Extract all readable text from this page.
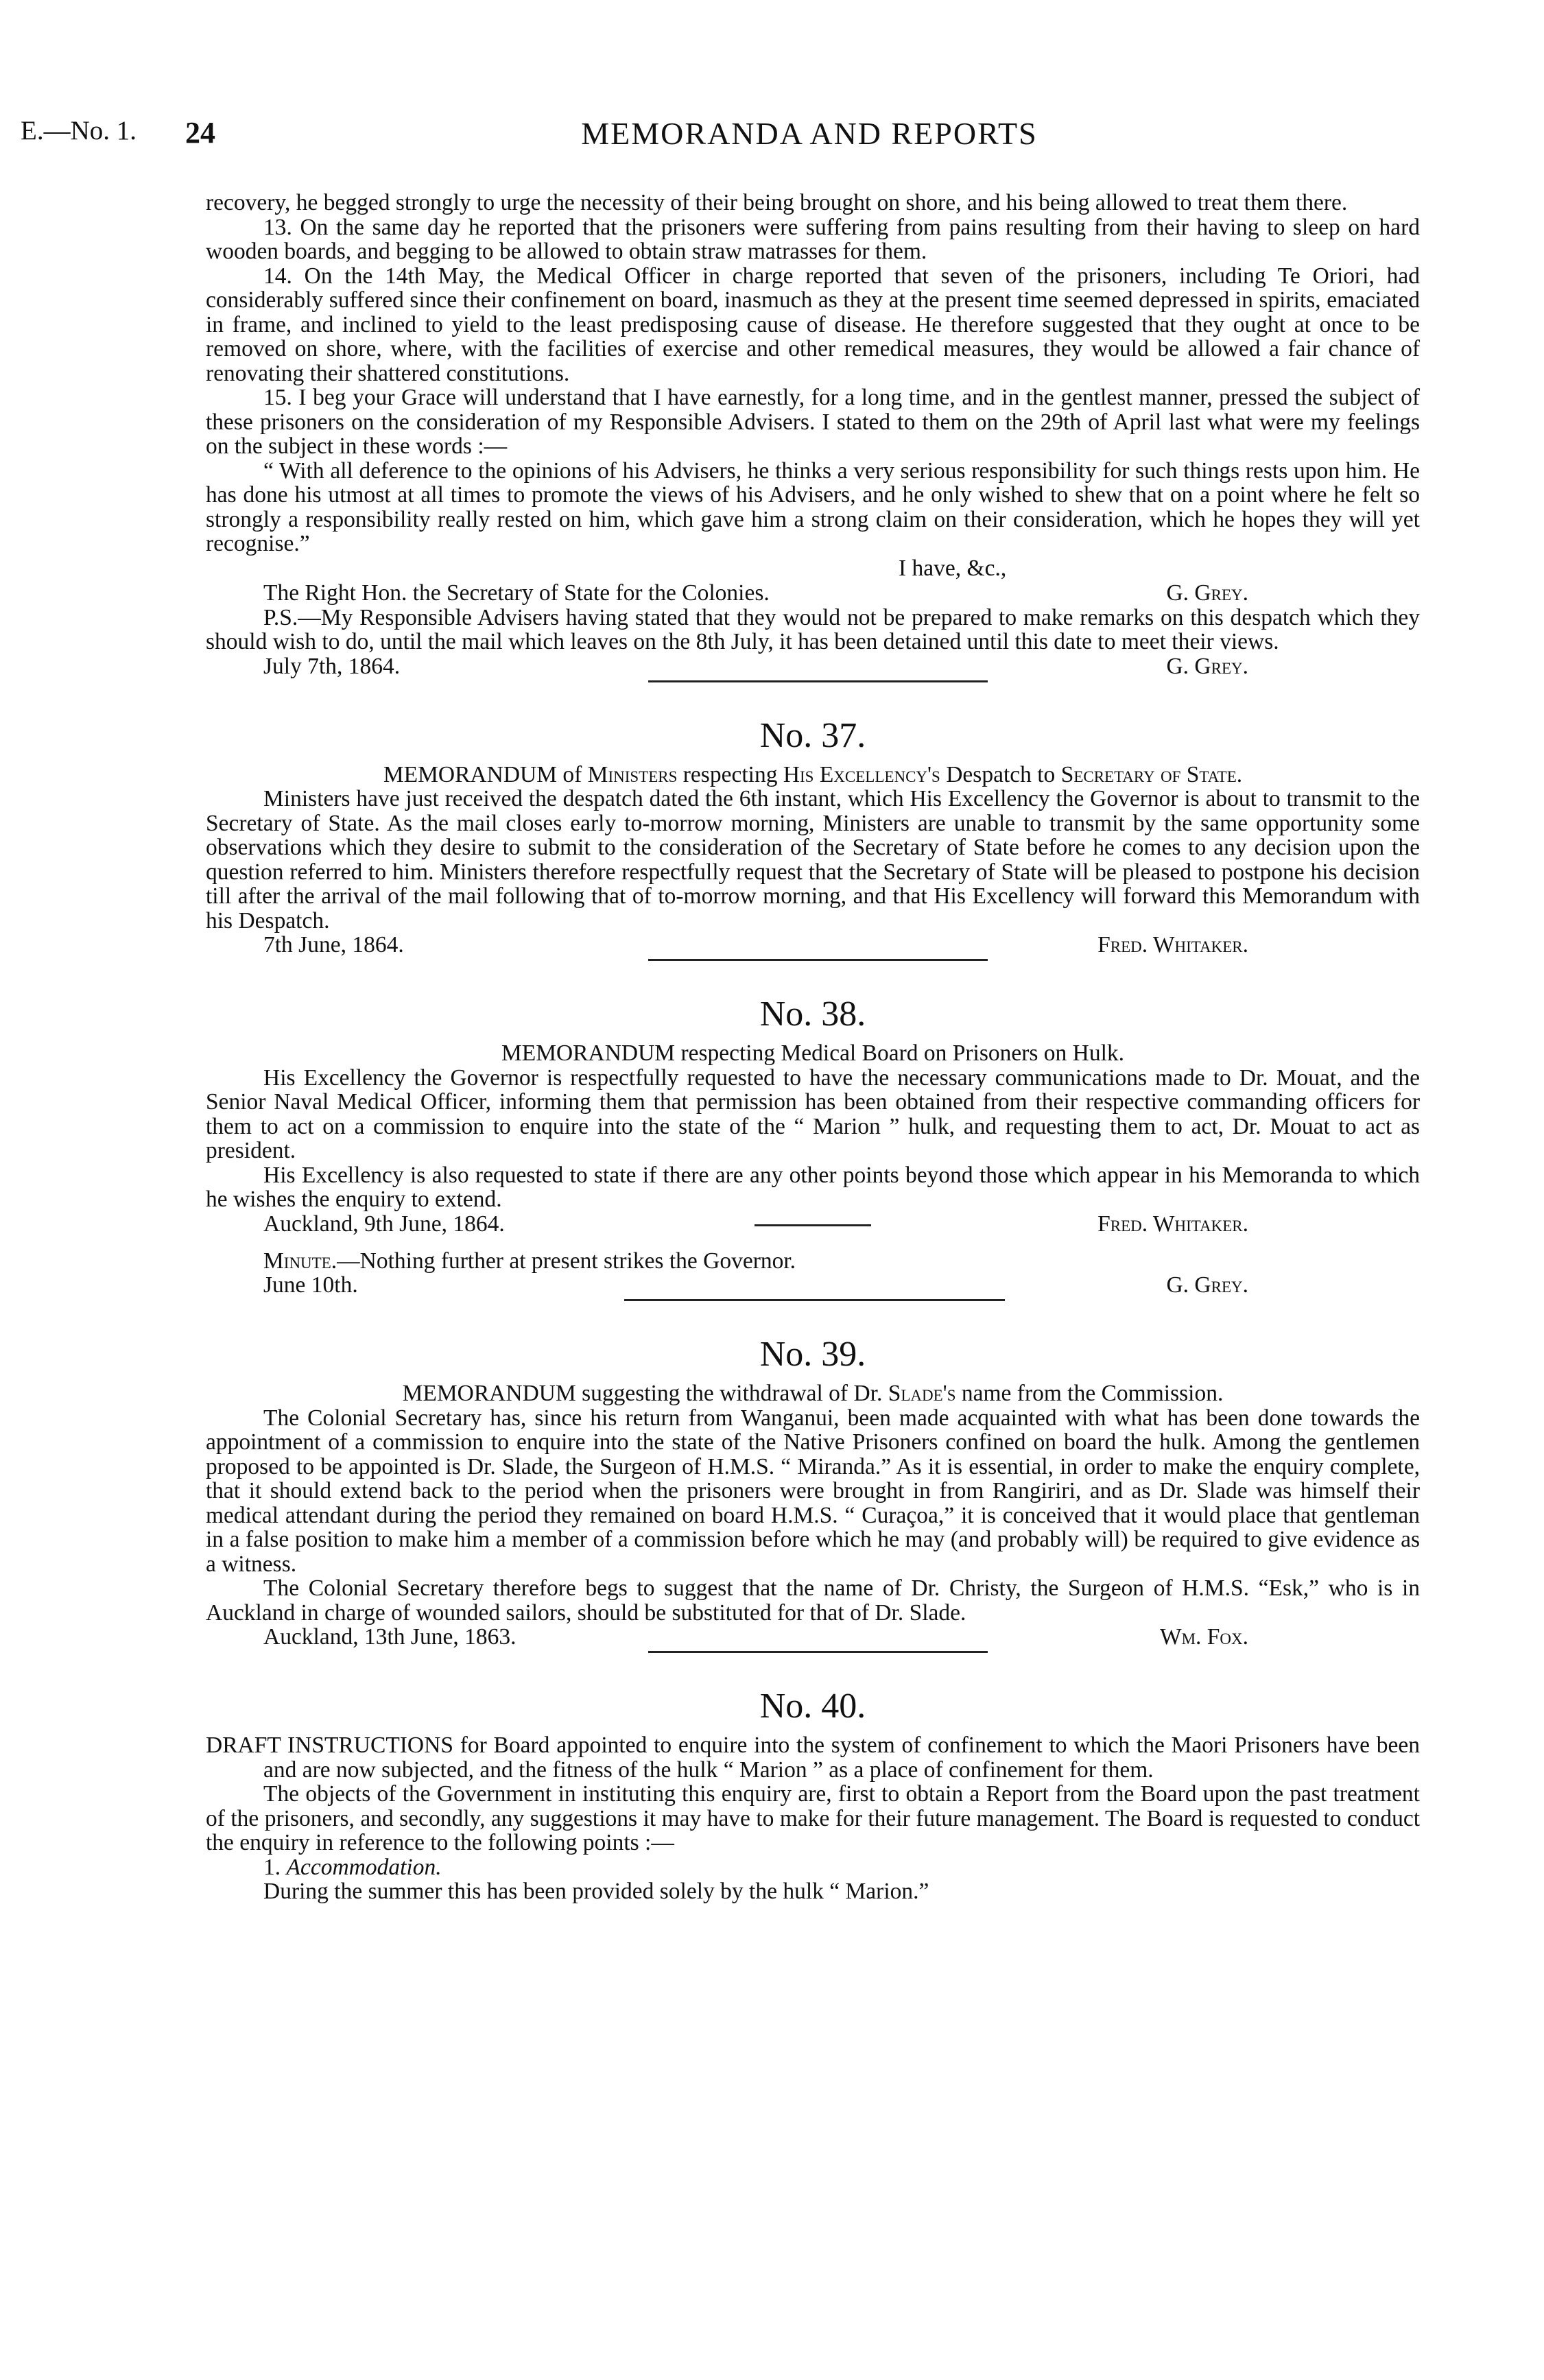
E.—No. 1. 24	MEMORANDA AND REPORTS

recovery, he begged strongly to urge the necessity of their being brought on shore, and his being allowed to treat them there.

13. On the same day he reported that the prisoners were suffering from pains resulting from their having to sleep on hard wooden boards, and begging to be allowed to obtain straw matrasses for them.

14. On the 14th May, the Medical Officer in charge reported that seven of the prisoners, including Te Oriori, had considerably suffered since their confinement on board, inasmuch as they at the present time seemed depressed in spirits, emaciated in frame, and inclined to yield to the least predisposing cause of disease. He therefore suggested that they ought at once to be removed on shore, where, with the facilities of exercise and other remedical measures, they would be allowed a fair chance of renovating their shattered constitutions.

15. I beg your Grace will understand that I have earnestly, for a long time, and in the gentlest manner, pressed the subject of these prisoners on the consideration of my Responsible Advisers. I stated to them on the 29th of April last what were my feelings on the subject in these words :—

“ With all deference to the opinions of his Advisers, he thinks a very serious responsibility for such things rests upon him. He has done his utmost at all times to promote the views of his Advisers, and he only wished to shew that on a point where he felt so strongly a responsibility really rested on him, which gave him a strong claim on their consideration, which he hopes they will yet recognise.”

I have, &c.,
The Right Hon. the Secretary of State for the Colonies.	G. Grey.

P.S.—My Responsible Advisers having stated that they would not be prepared to make remarks on this despatch which they should wish to do, until the mail which leaves on the 8th July, it has been detained until this date to meet their views.

July 7th, 1864.	G. Grey.
No. 37.

MEMORANDUM of Ministers respecting His Excellency's Despatch to Secretary of State.

Ministers have just received the despatch dated the 6th instant, which His Excellency the Governor is about to transmit to the Secretary of State. As the mail closes early to-morrow morning, Ministers are unable to transmit by the same opportunity some observations which they desire to submit to the consideration of the Secretary of State before he comes to any decision upon the question referred to him. Ministers therefore respectfully request that the Secretary of State will be pleased to postpone his decision till after the arrival of the mail following that of to-morrow morning, and that His Excellency will forward this Memorandum with his Despatch.

7th June, 1864.	Fred. Whitaker.
No. 38.

MEMORANDUM respecting Medical Board on Prisoners on Hulk.

His Excellency the Governor is respectfully requested to have the necessary communications made to Dr. Mouat, and the Senior Naval Medical Officer, informing them that permission has been obtained from their respective commanding officers for them to act on a commission to enquire into the state of the “ Marion ” hulk, and requesting them to act, Dr. Mouat to act as president.

His Excellency is also requested to state if there are any other points beyond those which appear in his Memoranda to which he wishes the enquiry to extend.

Auckland, 9th June, 1864.	Fred. Whitaker.

Minute.—Nothing further at present strikes the Governor.

June 10th.	G. Grey.
No. 39.

MEMORANDUM suggesting the withdrawal of Dr. Slade's name from the Commission.

The Colonial Secretary has, since his return from Wanganui, been made acquainted with what has been done towards the appointment of a commission to enquire into the state of the Native Prisoners confined on board the hulk. Among the gentlemen proposed to be appointed is Dr. Slade, the Surgeon of H.M.S. “ Miranda.” As it is essential, in order to make the enquiry complete, that it should extend back to the period when the prisoners were brought in from Rangiriri, and as Dr. Slade was himself their medical attendant during the period they remained on board H.M.S. “ Curaçoa,” it is conceived that it would place that gentleman in a false position to make him a member of a commission before which he may (and probably will) be required to give evidence as a witness.

The Colonial Secretary therefore begs to suggest that the name of Dr. Christy, the Surgeon of H.M.S. “Esk,” who is in Auckland in charge of wounded sailors, should be substituted for that of Dr. Slade.

Auckland, 13th June, 1863.	Wm. Fox.
No. 40.

DRAFT INSTRUCTIONS for Board appointed to enquire into the system of confinement to which the Maori Prisoners have been and are now subjected, and the fitness of the hulk “ Marion ” as a place of confinement for them.

The objects of the Government in instituting this enquiry are, first to obtain a Report from the Board upon the past treatment of the prisoners, and secondly, any suggestions it may have to make for their future management. The Board is requested to conduct the enquiry in reference to the following points :—

1. Accommodation.

During the summer this has been provided solely by the hulk “ Marion.”
